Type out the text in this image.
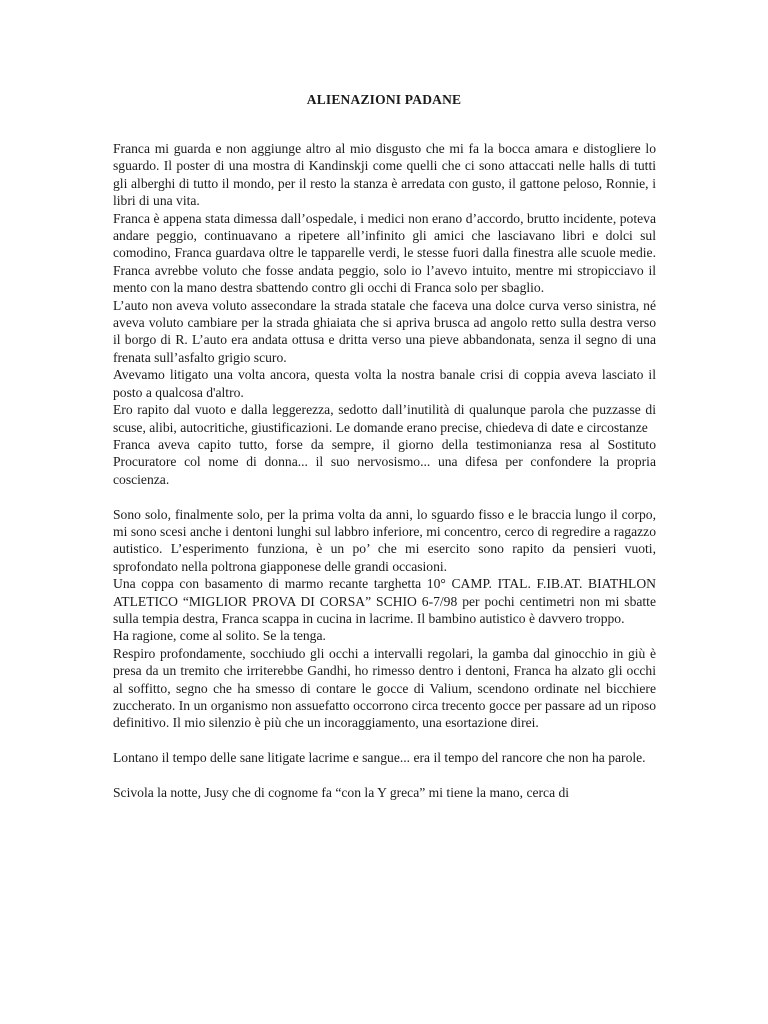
ALIENAZIONI PADANE

Franca mi guarda e non aggiunge altro al mio disgusto che mi fa la bocca amara e distogliere lo sguardo. Il poster di una mostra di Kandinskji come quelli che ci sono attaccati nelle halls di tutti gli alberghi di tutto il mondo, per il resto la stanza è arredata con gusto, il gattone peloso, Ronnie, i libri di una vita.

Franca è appena stata dimessa dall’ospedale, i medici non erano d’accordo, brutto incidente, poteva andare peggio, continuavano a ripetere all’infinito gli amici che lasciavano libri e dolci sul comodino, Franca guardava oltre le tapparelle verdi, le stesse fuori dalla finestra alle scuole medie. Franca avrebbe voluto che fosse andata peggio, solo io l’avevo intuito, mentre mi stropicciavo il mento con la mano destra sbattendo contro gli occhi di Franca solo per sbaglio.

L’auto non aveva voluto assecondare la strada statale che faceva una dolce curva verso sinistra, né aveva voluto cambiare per la strada ghiaiata che si apriva brusca ad angolo retto sulla destra verso il borgo di R. L’auto era andata ottusa e dritta verso una pieve abbandonata, senza il segno di una frenata sull’asfalto grigio scuro.

Avevamo litigato una volta ancora, questa volta la nostra banale crisi di coppia aveva lasciato il posto a qualcosa d'altro.

Ero rapito dal vuoto e dalla leggerezza, sedotto dall’inutilità di qualunque parola che puzzasse di scuse, alibi, autocritiche, giustificazioni. Le domande erano precise, chiedeva di date e circostanze

Franca aveva capito tutto, forse da sempre, il giorno della testimonianza resa al Sostituto Procuratore col nome di donna... il suo nervosismo... una difesa per confondere la propria coscienza.

Sono solo, finalmente solo, per la prima volta da anni, lo sguardo fisso e le braccia lungo il corpo, mi sono scesi anche i dentoni lunghi sul labbro inferiore, mi concentro, cerco di regredire a ragazzo autistico. L’esperimento funziona, è un po’ che mi esercito sono rapito da pensieri vuoti, sprofondato nella poltrona giapponese delle grandi occasioni.

Una coppa con basamento di marmo recante targhetta 10° CAMP. ITAL. F.IB.AT. BIATHLON ATLETICO “MIGLIOR PROVA DI CORSA” SCHIO 6-7/98 per pochi centimetri non mi sbatte sulla tempia destra, Franca scappa in cucina in lacrime. Il bambino autistico è davvero troppo.

Ha ragione, come al solito. Se la tenga.

Respiro profondamente, socchiudo gli occhi a intervalli regolari, la gamba dal ginocchio in giù è presa da un tremito che irriterebbe Gandhi, ho rimesso dentro i dentoni, Franca ha alzato gli occhi al soffitto, segno che ha smesso di contare le gocce di Valium, scendono ordinate nel bicchiere zuccherato. In un organismo non assuefatto occorrono circa trecento gocce per passare ad un riposo definitivo. Il mio silenzio è più che un incoraggiamento, una esortazione direi.

Lontano il tempo delle sane litigate lacrime e sangue... era il tempo del rancore che non ha parole.

Scivola la notte, Jusy che di cognome fa “con la Y greca” mi tiene la mano, cerca di
